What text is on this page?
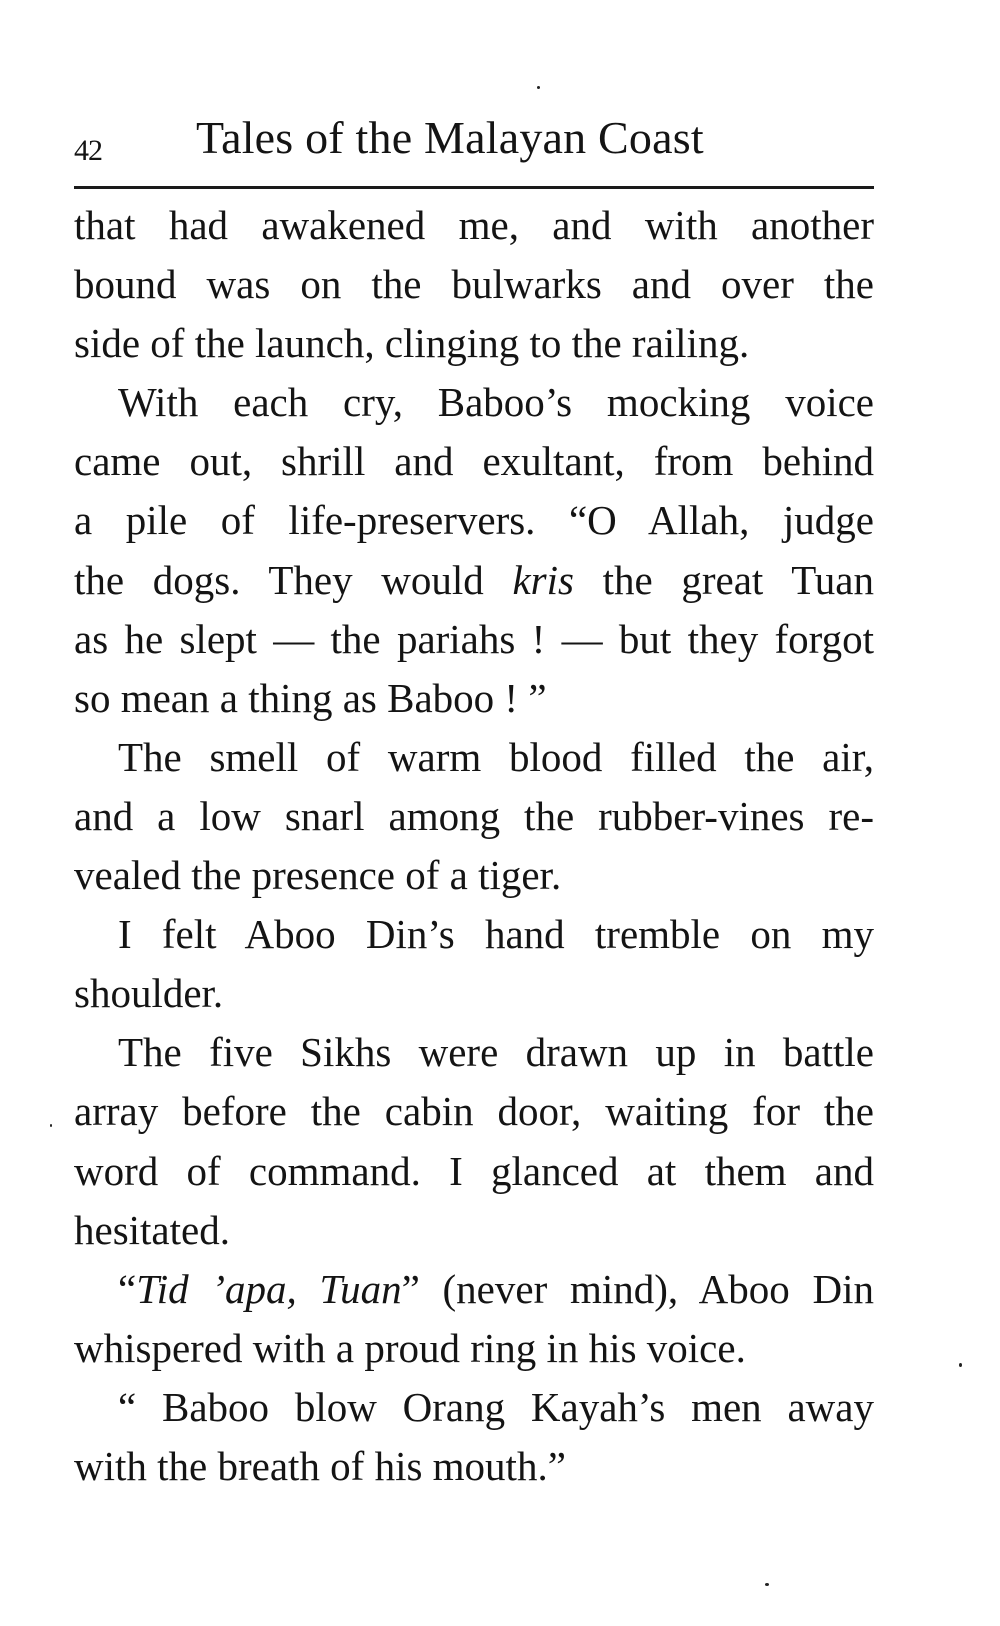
42 Tales of the Malayan Coast
that had awakened me, and with another
bound was on the bulwarks and over the
side of the launch, clinging to the railing.
With each cry, Baboo’s mocking voice
came out, shrill and exultant, from behind
a pile of life-preservers. “O Allah, judge
the dogs. They would kris the great Tuan
as he slept — the pariahs ! — but they forgot
so mean a thing as Baboo ! ”
The smell of warm blood filled the air,
and a low snarl among the rubber-vines re-
vealed the presence of a tiger.
I felt Aboo Din’s hand tremble on my
shoulder.
The five Sikhs were drawn up in battle
array before the cabin door, waiting for the
word of command. I glanced at them and
hesitated.
“Tid ’apa, Tuan” (never mind), Aboo Din
whispered with a proud ring in his voice.
“ Baboo blow Orang Kayah’s men away
with the breath of his mouth.”
